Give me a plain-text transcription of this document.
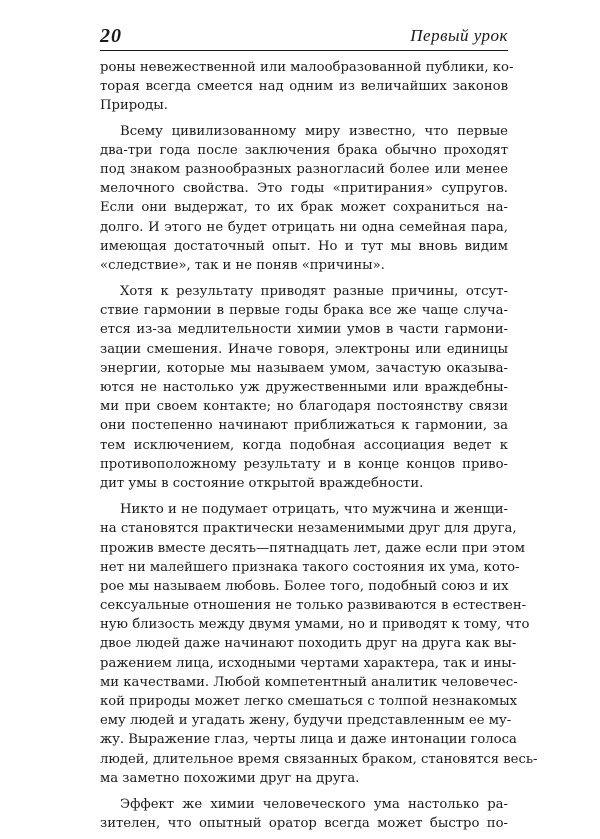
20	Первый урок
роны невежественной или малообразованной публики, ко-
торая всегда смеется над одним из величайших законов
Природы.
Всему цивилизованному миру известно, что первые
два-три года после заключения брака обычно проходят
под знаком разнообразных разногласий более или менее
мелочного свойства. Это годы «притирания» супругов.
Если они выдержат, то их брак может сохраниться на-
долго. И этого не будет отрицать ни одна семейная пара,
имеющая достаточный опыт. Но и тут мы вновь видим
«следствие», так и не поняв «причины».
Хотя к результату приводят разные причины, отсут-
ствие гармонии в первые годы брака все же чаще случа-
ется из-за медлительности химии умов в части гармони-
зации смешения. Иначе говоря, электроны или единицы
энергии, которые мы называем умом, зачастую оказыва-
ются не настолько уж дружественными или враждебны-
ми при своем контакте; но благодаря постоянству связи
они постепенно начинают приближаться к гармонии, за
тем исключением, когда подобная ассоциация ведет к
противоположному результату и в конце концов приво-
дит умы в состояние открытой враждебности.
Никто и не подумает отрицать, что мужчина и женщи-
на становятся практически незаменимыми друг для друга,
прожив вместе десять—пятнадцать лет, даже если при этом
нет ни малейшего признака такого состояния их ума, кото-
рое мы называем любовь. Более того, подобный союз и их
сексуальные отношения не только развиваются в естествен-
ную близость между двумя умами, но и приводят к тому, что
двое людей даже начинают походить друг на друга как вы-
ражением лица, исходными чертами характера, так и ины-
ми качествами. Любой компетентный аналитик человечес-
кой природы может легко смешаться с толпой незнакомых
ему людей и угадать жену, будучи представленным ее му-
жу. Выражение глаз, черты лица и даже интонации голоса
людей, длительное время связанных браком, становятся весь-
ма заметно похожими друг на друга.
Эффект же химии человеческого ума настолько ра-
зителен, что опытный оратор всегда может быстро по-
